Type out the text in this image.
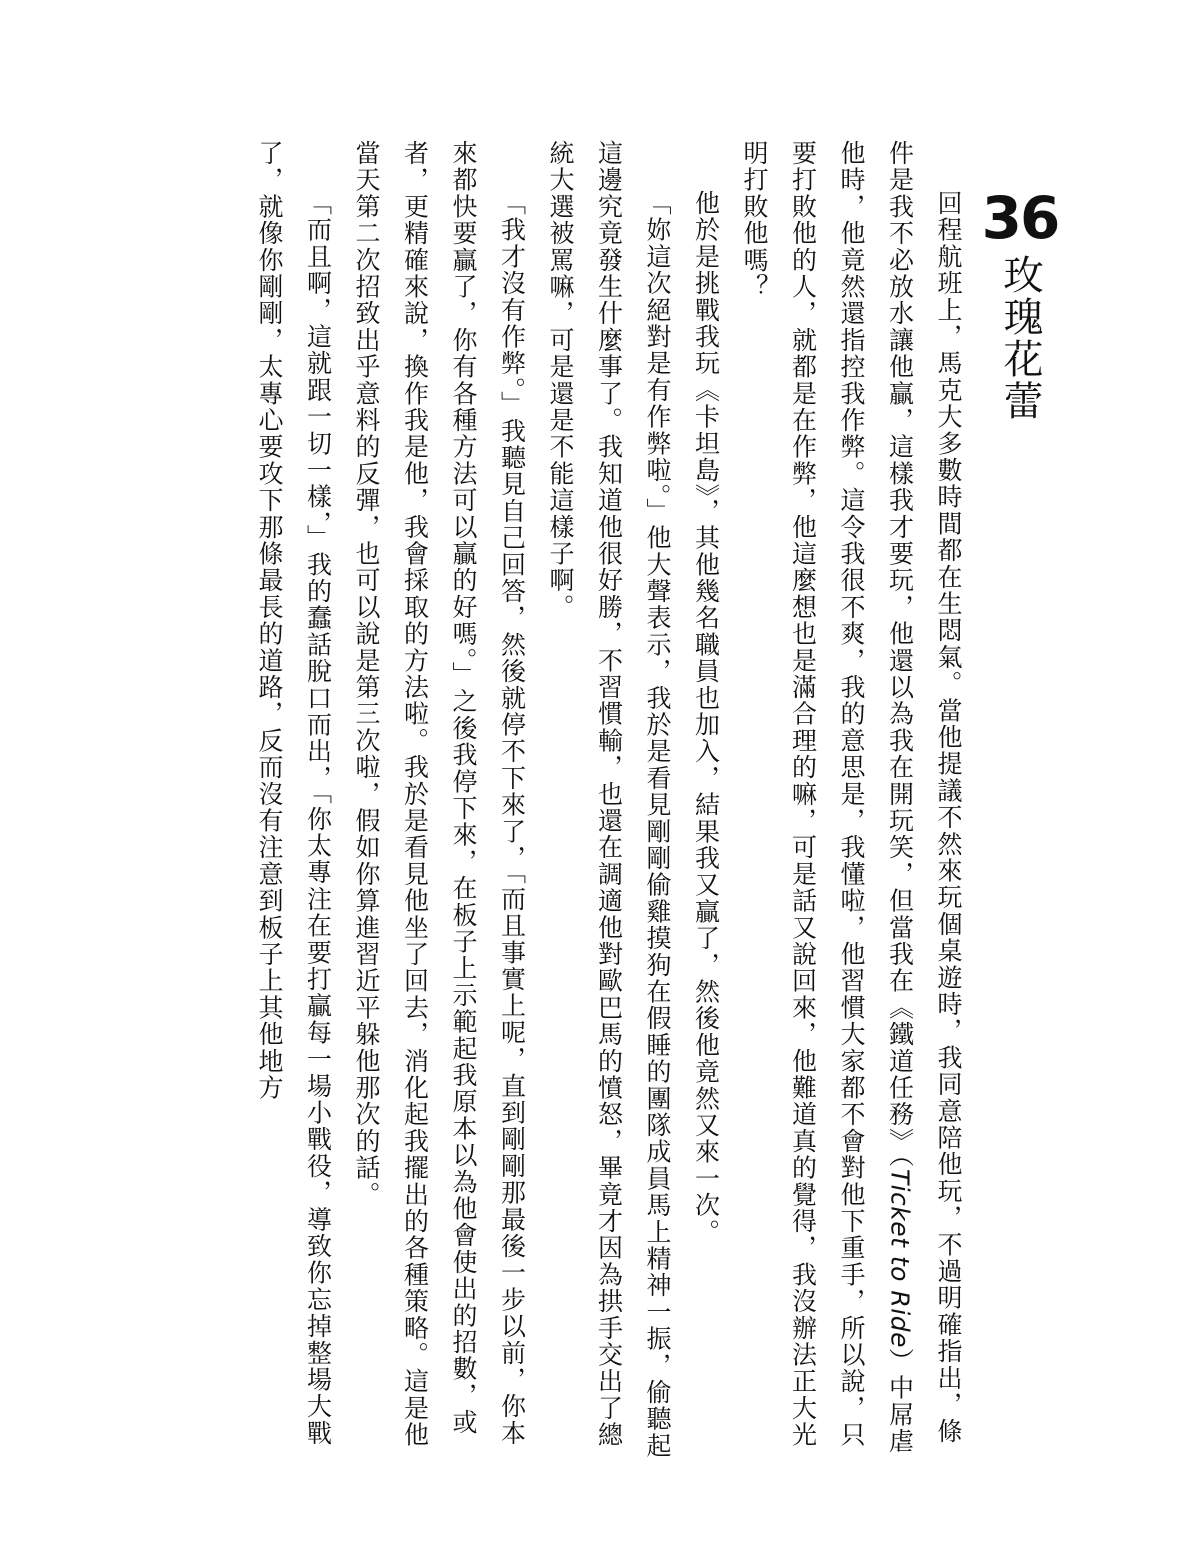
36
玫瑰花蕾

回程航班上，馬克大多數時間都在生悶氣。當他提議不然來玩個桌遊時，我同意陪他玩，不過明確指出，條件是我不必放水讓他贏，這樣我才要玩，他還以為我在開玩笑，但當我在《鐵道任務》（Ticket to Ride）中屌虐他時，他竟然還指控我作弊。這令我很不爽，我的意思是，我懂啦，他習慣大家都不會對他下重手，所以說，只要打敗他的人，就都是在作弊，他這麼想也是滿合理的嘛，可是話又說回來，他難道真的覺得，我沒辦法正大光明打敗他嗎？

他於是挑戰我玩《卡坦島》，其他幾名職員也加入，結果我又贏了，然後他竟然又來一次。

「妳這次絕對是有作弊啦。」他大聲表示，我於是看見剛剛偷雞摸狗在假睡的團隊成員馬上精神一振，偷聽起這邊究竟發生什麼事了。我知道他很好勝，不習慣輸，也還在調適他對歐巴馬的憤怒，畢竟才因為拱手交出了總統大選被罵嘛，可是還是不能這樣子啊。

「我才沒有作弊。」我聽見自己回答，然後就停不下來了，「而且事實上呢，直到剛剛那最後一步以前，你本來都快要贏了，你有各種方法可以贏的好嗎。」之後我停下來，在板子上示範起我原本以為他會使出的招數，或者，更精確來說，換作我是他，我會採取的方法啦。我於是看見他坐了回去，消化起我擺出的各種策略。這是他當天第二次招致出乎意料的反彈，也可以說是第三次啦，假如你算進習近平躲他那次的話。

「而且啊，這就跟一切一樣，」我的蠢話脫口而出，「你太專注在要打贏每一場小戰役，導致你忘掉整場大戰了，就像你剛剛，太專心要攻下那條最長的道路，反而沒有注意到板子上其他地方
